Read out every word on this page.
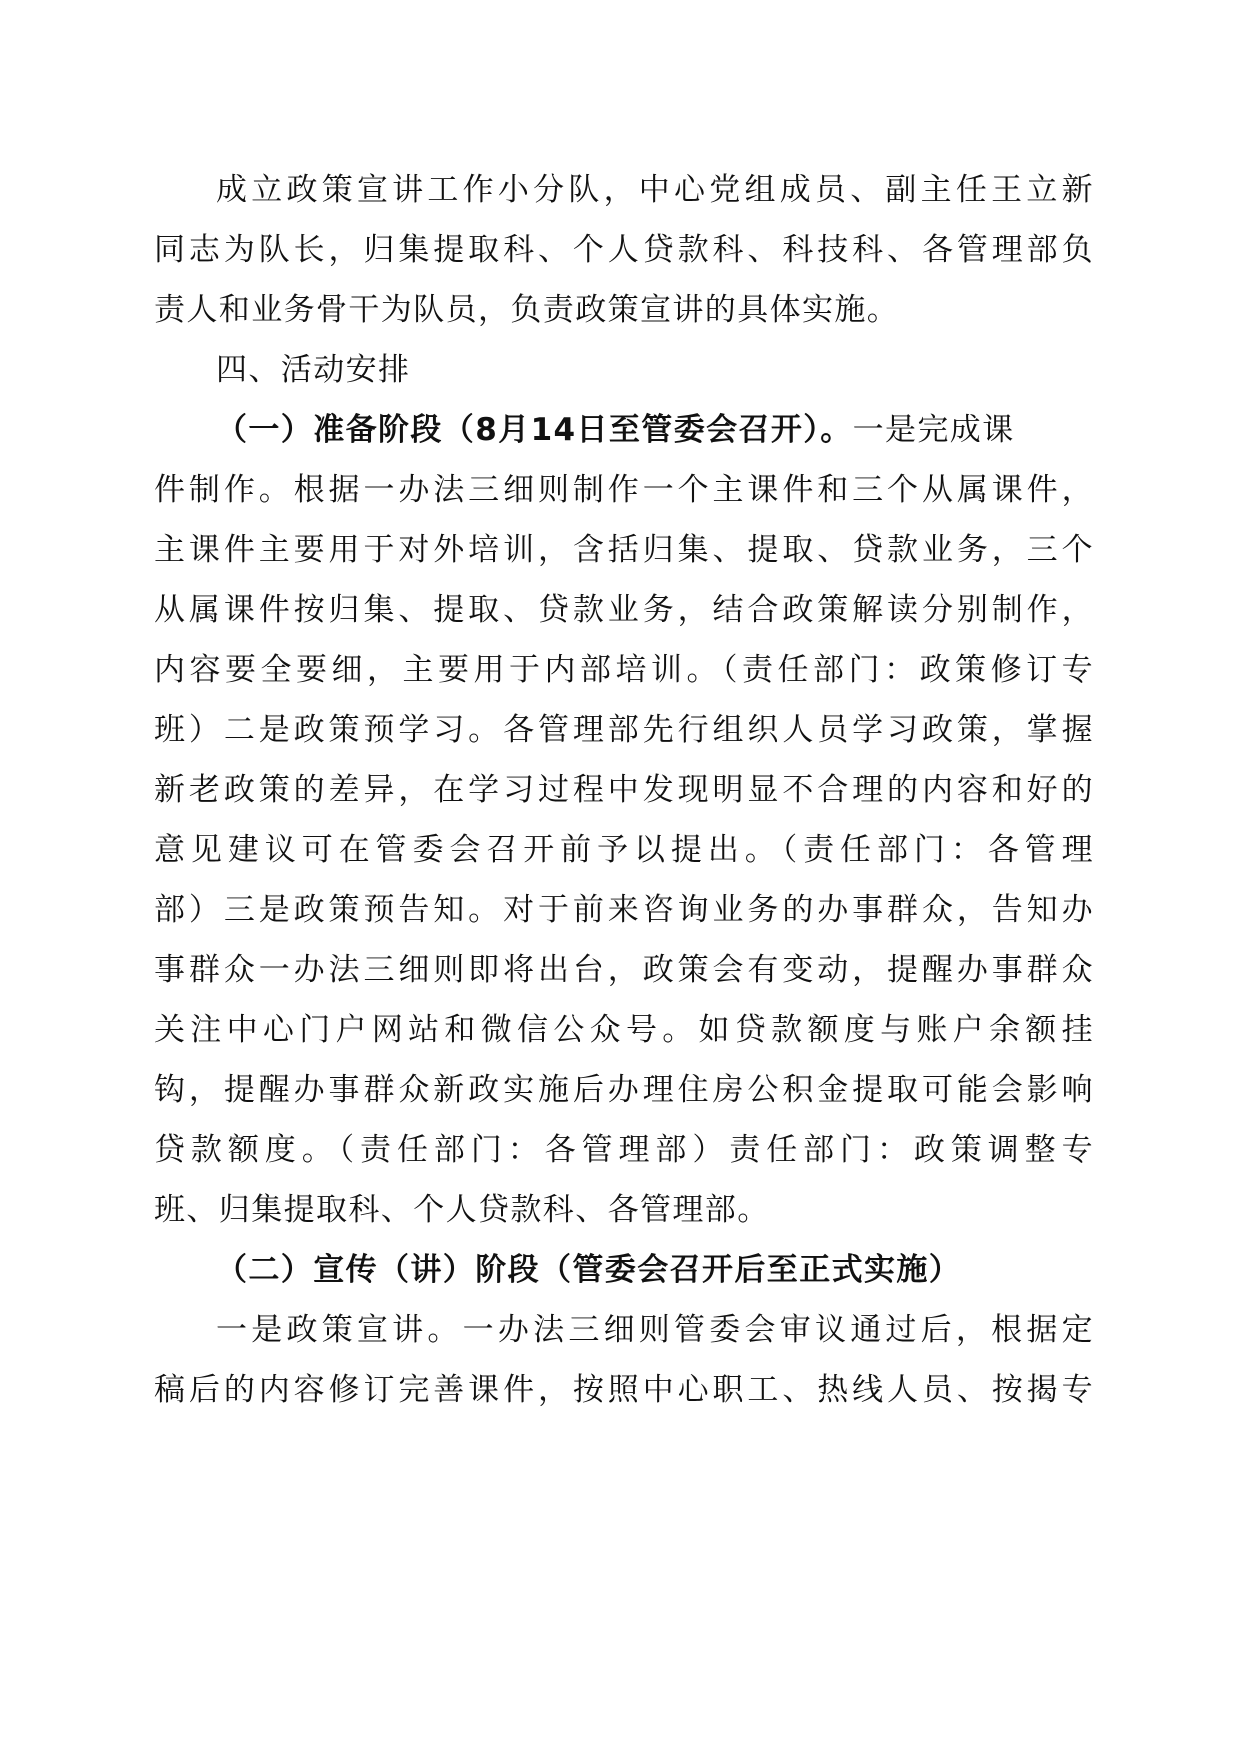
成立政策宣讲工作小分队，中心党组成员、副主任王立新
同志为队长，归集提取科、个人贷款科、科技科、各管理部负
责人和业务骨干为队员，负责政策宣讲的具体实施。
四、活动安排
（一）准备阶段（8月14日至管委会召开）。一是完成课
件制作。根据一办法三细则制作一个主课件和三个从属课件，
主课件主要用于对外培训，含括归集、提取、贷款业务，三个
从属课件按归集、提取、贷款业务，结合政策解读分别制作，
内容要全要细，主要用于内部培训。（责任部门：政策修订专
班）二是政策预学习。各管理部先行组织人员学习政策，掌握
新老政策的差异，在学习过程中发现明显不合理的内容和好的
意见建议可在管委会召开前予以提出。（责任部门：各管理
部）三是政策预告知。对于前来咨询业务的办事群众，告知办
事群众一办法三细则即将出台，政策会有变动，提醒办事群众
关注中心门户网站和微信公众号。如贷款额度与账户余额挂
钩，提醒办事群众新政实施后办理住房公积金提取可能会影响
贷款额度。（责任部门：各管理部）责任部门：政策调整专
班、归集提取科、个人贷款科、各管理部。
（二）宣传（讲）阶段（管委会召开后至正式实施）
一是政策宣讲。一办法三细则管委会审议通过后，根据定
稿后的内容修订完善课件，按照中心职工、热线人员、按揭专
